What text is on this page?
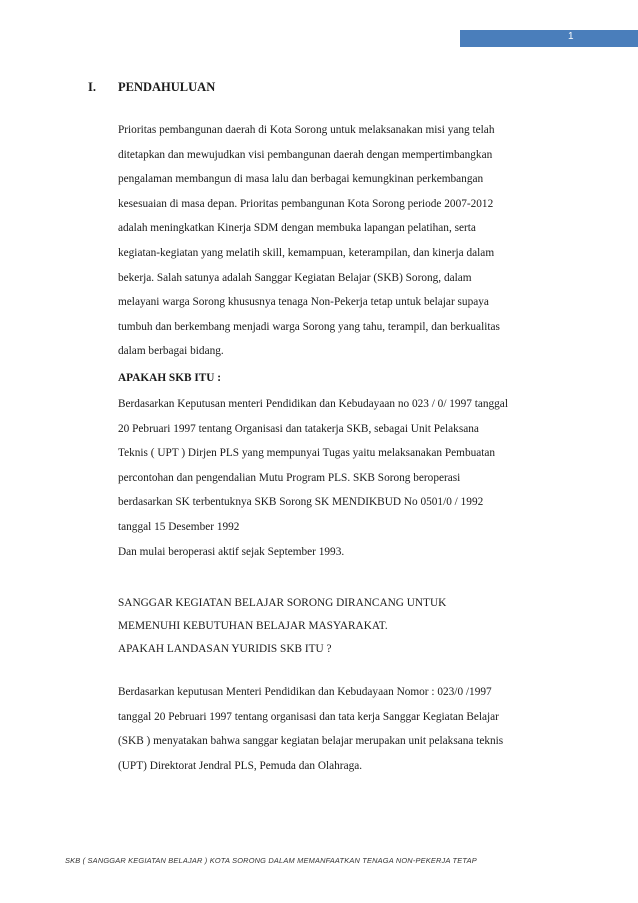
1
I. PENDAHULUAN
Prioritas pembangunan daerah di Kota Sorong untuk melaksanakan misi yang telah
ditetapkan dan mewujudkan visi pembangunan daerah dengan mempertimbangkan
pengalaman membangun di masa lalu dan berbagai kemungkinan perkembangan
kesesuaian di masa depan. Prioritas pembangunan Kota Sorong periode 2007-2012
adalah meningkatkan Kinerja SDM dengan membuka lapangan pelatihan, serta
kegiatan-kegiatan yang melatih skill, kemampuan, keterampilan, dan kinerja dalam
bekerja. Salah satunya adalah Sanggar Kegiatan Belajar (SKB) Sorong, dalam
melayani warga Sorong khususnya tenaga Non-Pekerja tetap untuk belajar supaya
tumbuh dan berkembang menjadi warga Sorong yang tahu, terampil, dan berkualitas
dalam berbagai bidang.
APAKAH SKB ITU :
Berdasarkan Keputusan menteri Pendidikan dan Kebudayaan no 023 / 0/ 1997 tanggal
20 Pebruari 1997 tentang Organisasi dan tatakerja SKB, sebagai Unit Pelaksana
Teknis ( UPT ) Dirjen PLS yang mempunyai Tugas yaitu melaksanakan Pembuatan
percontohan dan pengendalian Mutu Program PLS. SKB Sorong beroperasi
berdasarkan SK terbentuknya SKB Sorong SK MENDIKBUD No 0501/0 / 1992
tanggal 15 Desember 1992
Dan mulai beroperasi aktif sejak September 1993.
SANGGAR KEGIATAN BELAJAR SORONG DIRANCANG UNTUK
MEMENUHI KEBUTUHAN BELAJAR MASYARAKAT.
APAKAH LANDASAN YURIDIS SKB ITU ?
Berdasarkan keputusan Menteri Pendidikan dan Kebudayaan Nomor : 023/0 /1997
tanggal 20 Pebruari 1997 tentang organisasi dan tata kerja Sanggar Kegiatan Belajar
(SKB ) menyatakan bahwa sanggar kegiatan belajar merupakan unit pelaksana teknis
(UPT) Direktorat Jendral PLS, Pemuda dan Olahraga.
SKB ( SANGGAR KEGIATAN BELAJAR ) KOTA SORONG DALAM MEMANFAATKAN TENAGA NON-PEKERJA TETAP
